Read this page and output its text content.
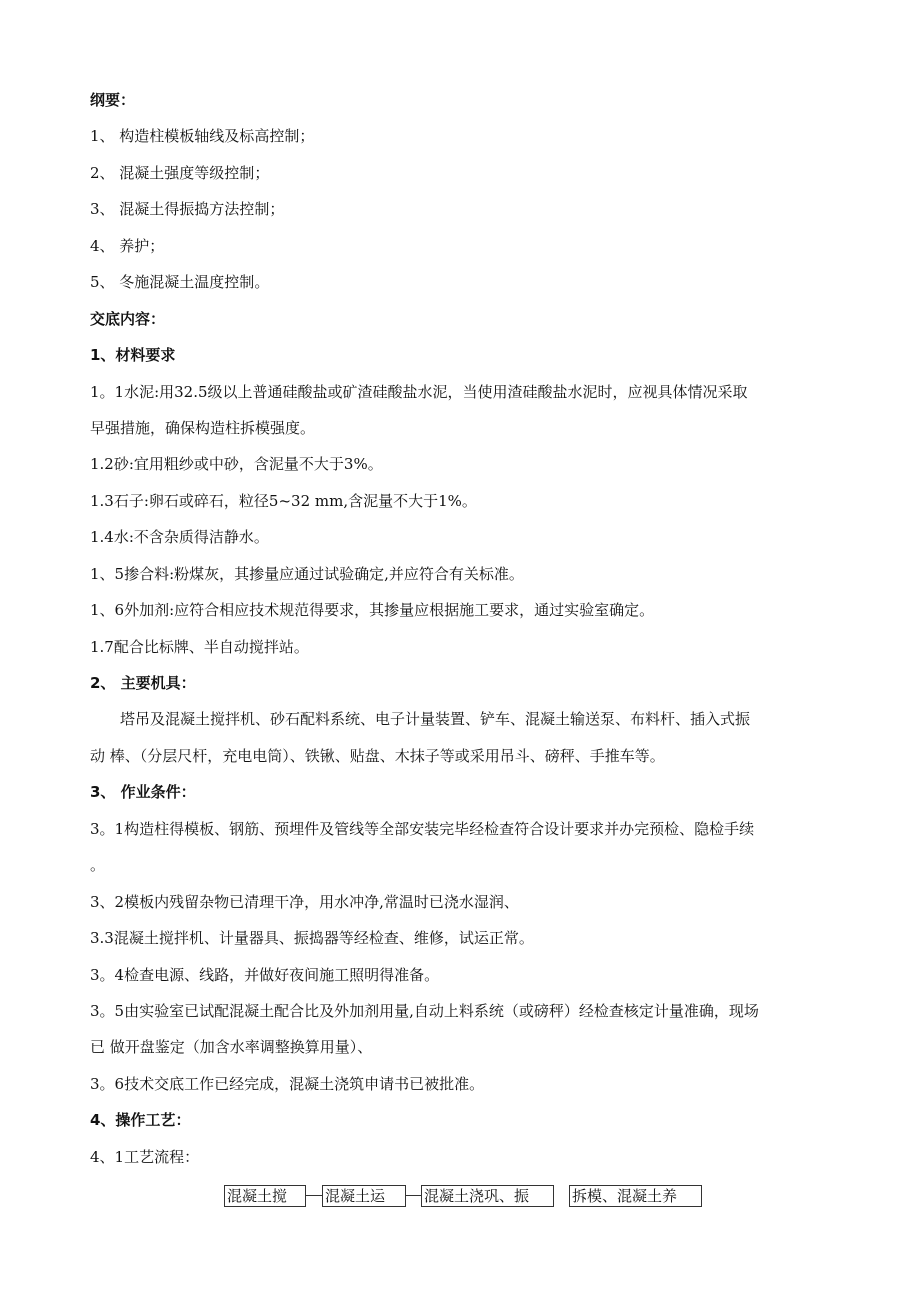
纲要：
1、 构造柱模板轴线及标高控制；
2、 混凝土强度等级控制；
3、 混凝土得振捣方法控制；
4、 养护；
5、 冬施混凝土温度控制。
交底内容：
1、材料要求
1。1水泥:用32.5级以上普通硅酸盐或矿渣硅酸盐水泥，当使用渣硅酸盐水泥时，应视具体情况采取
早强措施，确保构造柱拆模强度。
1.2砂:宜用粗纱或中砂，含泥量不大于3%。
1.3石子:卵石或碎石，粒径5~32 mm,含泥量不大于1%。
1.4水:不含杂质得洁静水。
1、5掺合料:粉煤灰，其掺量应通过试验确定,并应符合有关标准。
1、6外加剂:应符合相应技术规范得要求，其掺量应根据施工要求，通过实验室确定。
1.7配合比标牌、半自动搅拌站。
2、 主要机具：
塔吊及混凝土搅拌机、砂石配料系统、电子计量装置、铲车、混凝土输送泵、布料杆、插入式振
动 棒、（分层尺杆，充电电筒）、铁锹、贴盘、木抹子等或采用吊斗、磅秤、手推车等。
3、 作业条件：
3。1构造柱得模板、钢筋、预埋件及管线等全部安装完毕经检查符合设计要求并办完预检、隐检手续
。
3、2模板内残留杂物已清理干净，用水冲净,常温时已浇水湿润、
3.3混凝土搅拌机、计量器具、振捣器等经检查、维修，试运正常。
3。4检查电源、线路，并做好夜间施工照明得准备。
3。5由实验室已试配混凝土配合比及外加剂用量,自动上料系统（或磅秤）经检查核定计量准确，现场
已 做开盘鉴定（加含水率调整换算用量）、
3。6技术交底工作已经完成，混凝土浇筑申请书已被批准。
4、操作工艺：
4、1工艺流程：
混凝土搅	混凝土运	混凝土浇巩、振	拆模、混凝土养
